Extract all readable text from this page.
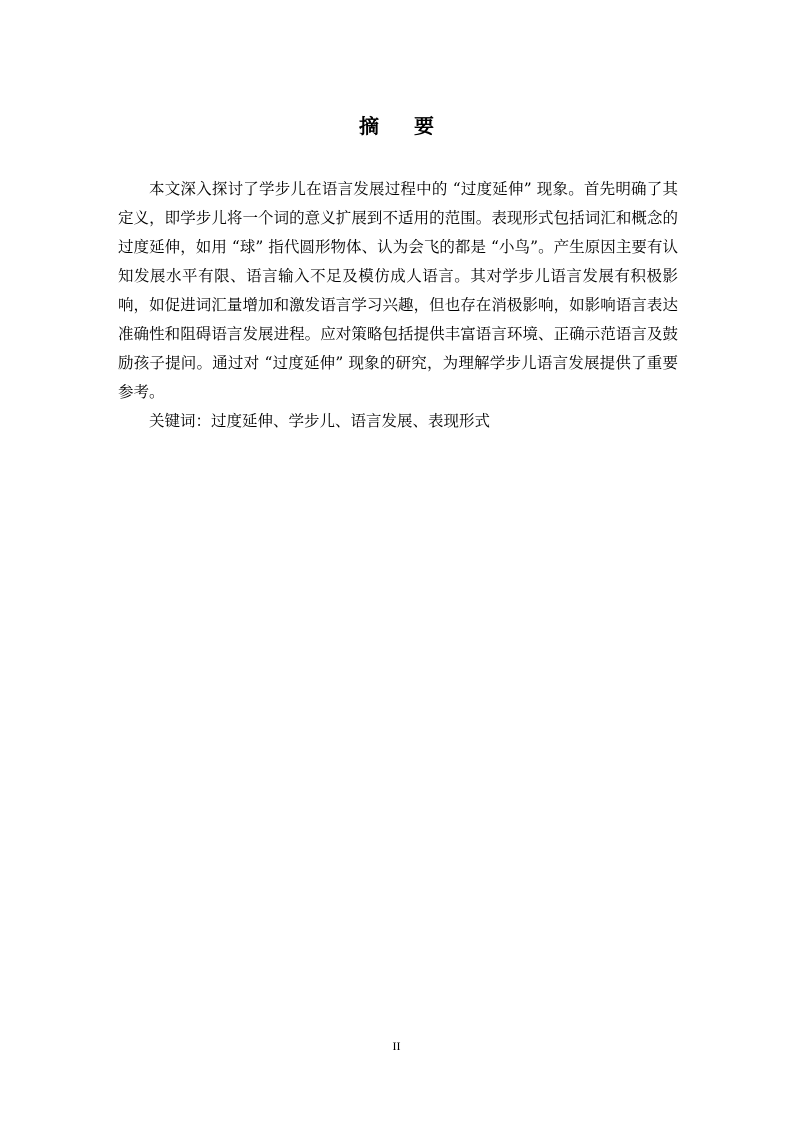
摘 要

本文深入探讨了学步儿在语言发展过程中的 “过度延伸” 现象。首先明确了其定义，即学步儿将一个词的意义扩展到不适用的范围。表现形式包括词汇和概念的过度延伸，如用 “球” 指代圆形物体、认为会飞的都是 “小鸟”。产生原因主要有认知发展水平有限、语言输入不足及模仿成人语言。其对学步儿语言发展有积极影响，如促进词汇量增加和激发语言学习兴趣，但也存在消极影响，如影响语言表达准确性和阻碍语言发展进程。应对策略包括提供丰富语言环境、正确示范语言及鼓励孩子提问。通过对 “过度延伸” 现象的研究，为理解学步儿语言发展提供了重要参考。

关键词：过度延伸、学步儿、语言发展、表现形式

II
